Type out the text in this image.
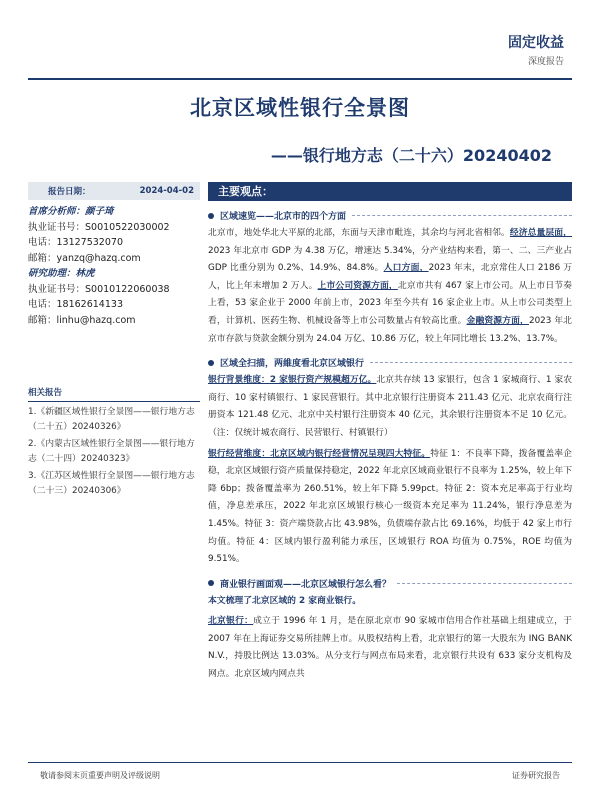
固定收益
深度报告
北京区域性银行全景图
——银行地方志（二十六）20240402
报告日期：	2024-04-02
首席分析师：颜子琦
执业证书号：S0010522030002
电话：13127532070
邮箱：yanzq@hazq.com
研究助理：林虎
执业证书号：S0010122060038
电话：18162614133
邮箱：linhu@hazq.com
相关报告
1.《新疆区域性银行全景图——银行地方志（二十五）20240326》
2.《内蒙古区域性银行全景图——银行地方志（二十四）20240323》
3.《江苏区域性银行全景图——银行地方志（二十三）20240306》
主要观点：
区域速览——北京市的四个方面
北京市，地处华北大平原的北部，东面与天津市毗连，其余均与河北省相邻。经济总量层面，2023 年北京市 GDP 为 4.38 万亿，增速达 5.34%，分产业结构来看，第一、二、三产业占 GDP 比重分别为 0.2%、14.9%、84.8%。人口方面，2023 年末，北京常住人口 2186 万人，比上年末增加 2 万人。上市公司资源方面，北京市共有 467 家上市公司。从上市日节奏上看，53 家企业于 2000 年前上市，2023 年至今共有 16 家企业上市。从上市公司类型上看，计算机、医药生物、机械设备等上市公司数量占有较高比重。金融资源方面，2023 年北京市存款与贷款金额分别为 24.04 万亿、10.86 万亿，较上年同比增长 13.2%、13.7%。
区域全扫描，两維度看北京区域银行
银行背景维度：2 家银行资产规模超万亿。北京共存续 13 家银行，包含 1 家城商行、1 家农商行、10 家村镇银行、1 家民营银行。其中北京银行注册资本 211.43 亿元、北京农商行注册资本 121.48 亿元、北京中关村银行注册资本 40 亿元，其余银行注册资本不足 10 亿元。（注：仅统计城农商行、民营银行、村镇银行）
银行经营维度：北京区域内银行经营情况呈现四大特征。特征 1：不良率下降，拨备覆盖率企稳，北京区域银行资产质量保持稳定，2022 年北京区域商业银行不良率为 1.25%，较上年下降 6bp；拨备覆盖率为 260.51%，较上年下降 5.99pct。特征 2：资本充足率高于行业均值，净息差承压，2022 年北京区域银行核心一级资本充足率为 11.24%，银行净息差为 1.45%。特征 3：资产端贷款占比 43.98%，负债端存款占比 69.16%，均低于 42 家上市行均值。特征 4：区域内银行盈利能力承压，区域银行 ROA 均值为 0.75%，ROE 均值为 9.51%。
商业银行画面观——北京区域银行怎么看？
本文梳理了北京区域的 2 家商业银行。
北京银行：成立于 1996 年 1 月，是在原北京市 90 家城市信用合作社基础上组建成立，于 2007 年在上海证券交易所挂牌上市。从股权结构上看，北京银行的第一大股东为 ING BANK N.V.，持股比例达 13.03%。从分支行与网点布局来看，北京银行共设有 633 家分支机构及网点。北京区域内网点共
敬请参阅末页重要声明及评级说明	证券研究报告
